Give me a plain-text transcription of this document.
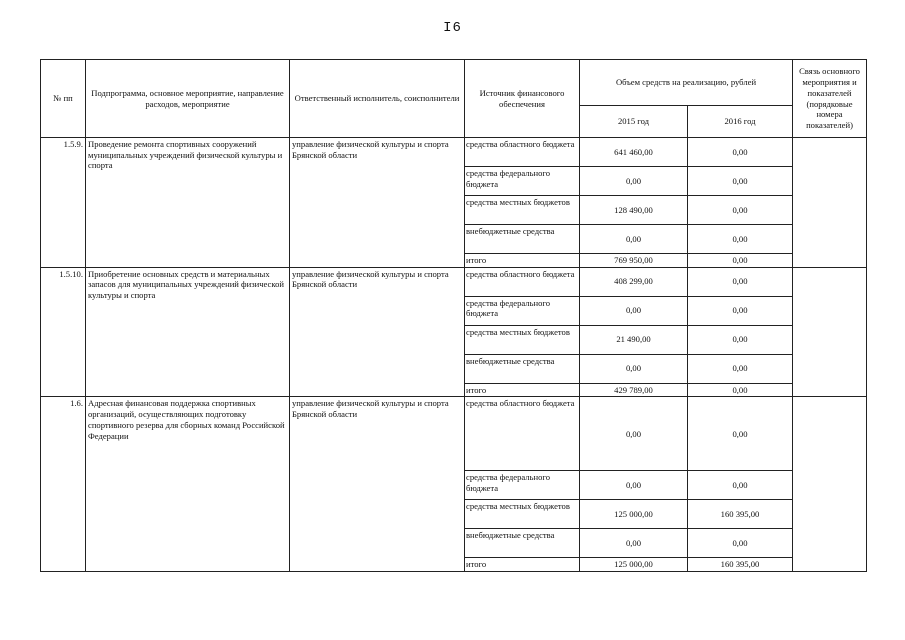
I6
№ пп	Подпрограмма, основное мероприятие, направление расходов, мероприятие	Ответственный исполнитель, соисполнители	Источник финансового обеспечения	Объем средств на реализацию, рублей		Связь основного мероприятия и показателей (порядковые номера показателей)
				2015 год	2016 год	
1.5.9.	Проведение ремонта спортивных сооружений муниципальных учреждений физической культуры и спорта	управление физической культуры и спорта Брянской области	средства областного бюджета	641 460,00	0,00	
			средства федерального бюджета	0,00	0,00	
			средства местных бюджетов	128 490,00	0,00	
			внебюджетные средства	0,00	0,00	
			итого	769 950,00	0,00	
1.5.10.	Приобретение основных средств и материальных запасов для муниципальных учреждений физической культуры и спорта	управление физической культуры и спорта Брянской области	средства областного бюджета	408 299,00	0,00	
			средства федерального бюджета	0,00	0,00	
			средства местных бюджетов	21 490,00	0,00	
			внебюджетные средства	0,00	0,00	
			итого	429 789,00	0,00	
1.6.	Адресная финансовая поддержка спортивных организаций, осуществляющих подготовку спортивного резерва для сборных команд Российской Федерации	управление физической культуры и спорта Брянской области	средства областного бюджета	0,00	0,00	
			средства федерального бюджета	0,00	0,00	
			средства местных бюджетов	125 000,00	160 395,00	
			внебюджетные средства	0,00	0,00	
			итого	125 000,00	160 395,00	
